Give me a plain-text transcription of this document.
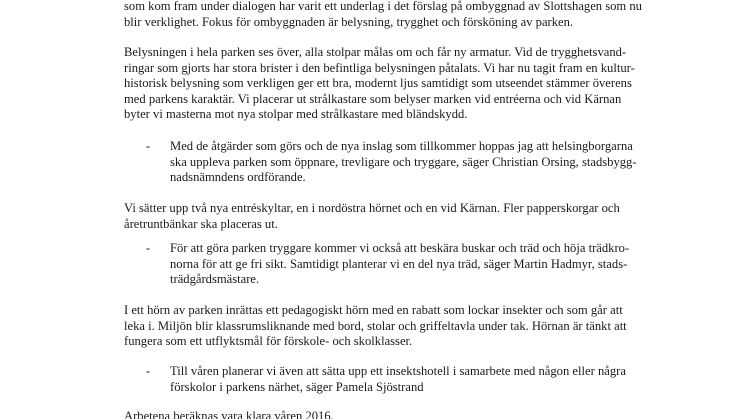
som kom fram under dialogen har varit ett underlag i det förslag på ombyggnad av Slottshagen som nu
blir verklighet. Fokus för ombyggnaden är belysning, trygghet och försköning av parken.

Belysningen i hela parken ses över, alla stolpar målas om och får ny armatur. Vid de trygghetsvand-
ringar som gjorts har stora brister i den befintliga belysningen påtalats. Vi har nu tagit fram en kultur-
historisk belysning som verkligen ger ett bra, modernt ljus samtidigt som utseendet stämmer överens
med parkens karaktär. Vi placerar ut strålkastare som belyser marken vid entréerna och vid Kärnan
byter vi masterna mot nya stolpar med strålkastare med bländskydd.

- Med de åtgärder som görs och de nya inslag som tillkommer hoppas jag att helsingborgarna
ska uppleva parken som öppnare, trevligare och tryggare, säger Christian Orsing, stadsbygg-
nadsnämndens ordförande.

Vi sätter upp två nya entréskyltar, en i nordöstra hörnet och en vid Kärnan. Fler papperskorgar och
åretruntbänkar ska placeras ut.

- För att göra parken tryggare kommer vi också att beskära buskar och träd och höja trädkro-
norna för att ge fri sikt. Samtidigt planterar vi en del nya träd, säger Martin Hadmyr, stads-
trädgårdsmästare.

I ett hörn av parken inrättas ett pedagogiskt hörn med en rabatt som lockar insekter och som går att
leka i. Miljön blir klassrumsliknande med bord, stolar och griffeltavla under tak. Hörnan är tänkt att
fungera som ett utflyktsmål för förskole- och skolklasser.

- Till våren planerar vi även att sätta upp ett insektshotell i samarbete med någon eller några
förskolor i parkens närhet, säger Pamela Sjöstrand

Arbetena beräknas vara klara våren 2016.
